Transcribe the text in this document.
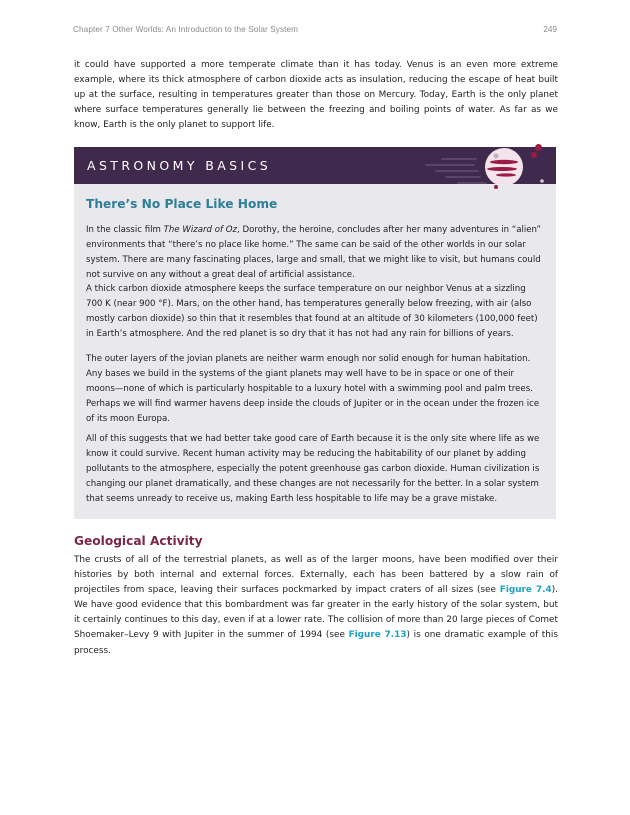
Chapter 7 Other Worlds: An Introduction to the Solar System	249

it could have supported a more temperate climate than it has today. Venus is an even more extreme example, where its thick atmosphere of carbon dioxide acts as insulation, reducing the escape of heat built up at the surface, resulting in temperatures greater than those on Mercury. Today, Earth is the only planet where surface temperatures generally lie between the freezing and boiling points of water. As far as we know, Earth is the only planet to support life.

ASTRONOMY BASICS
There’s No Place Like Home

In the classic film The Wizard of Oz, Dorothy, the heroine, concludes after her many adventures in “alien” environments that “there’s no place like home.” The same can be said of the other worlds in our solar system. There are many fascinating places, large and small, that we might like to visit, but humans could not survive on any without a great deal of artificial assistance.

A thick carbon dioxide atmosphere keeps the surface temperature on our neighbor Venus at a sizzling 700 K (near 900 °F). Mars, on the other hand, has temperatures generally below freezing, with air (also mostly carbon dioxide) so thin that it resembles that found at an altitude of 30 kilometers (100,000 feet) in Earth’s atmosphere. And the red planet is so dry that it has not had any rain for billions of years.

The outer layers of the jovian planets are neither warm enough nor solid enough for human habitation. Any bases we build in the systems of the giant planets may well have to be in space or one of their moons—none of which is particularly hospitable to a luxury hotel with a swimming pool and palm trees. Perhaps we will find warmer havens deep inside the clouds of Jupiter or in the ocean under the frozen ice of its moon Europa.

All of this suggests that we had better take good care of Earth because it is the only site where life as we know it could survive. Recent human activity may be reducing the habitability of our planet by adding pollutants to the atmosphere, especially the potent greenhouse gas carbon dioxide. Human civilization is changing our planet dramatically, and these changes are not necessarily for the better. In a solar system that seems unready to receive us, making Earth less hospitable to life may be a grave mistake.

Geological Activity

The crusts of all of the terrestrial planets, as well as of the larger moons, have been modified over their histories by both internal and external forces. Externally, each has been battered by a slow rain of projectiles from space, leaving their surfaces pockmarked by impact craters of all sizes (see Figure 7.4). We have good evidence that this bombardment was far greater in the early history of the solar system, but it certainly continues to this day, even if at a lower rate. The collision of more than 20 large pieces of Comet Shoemaker–Levy 9 with Jupiter in the summer of 1994 (see Figure 7.13) is one dramatic example of this process.
